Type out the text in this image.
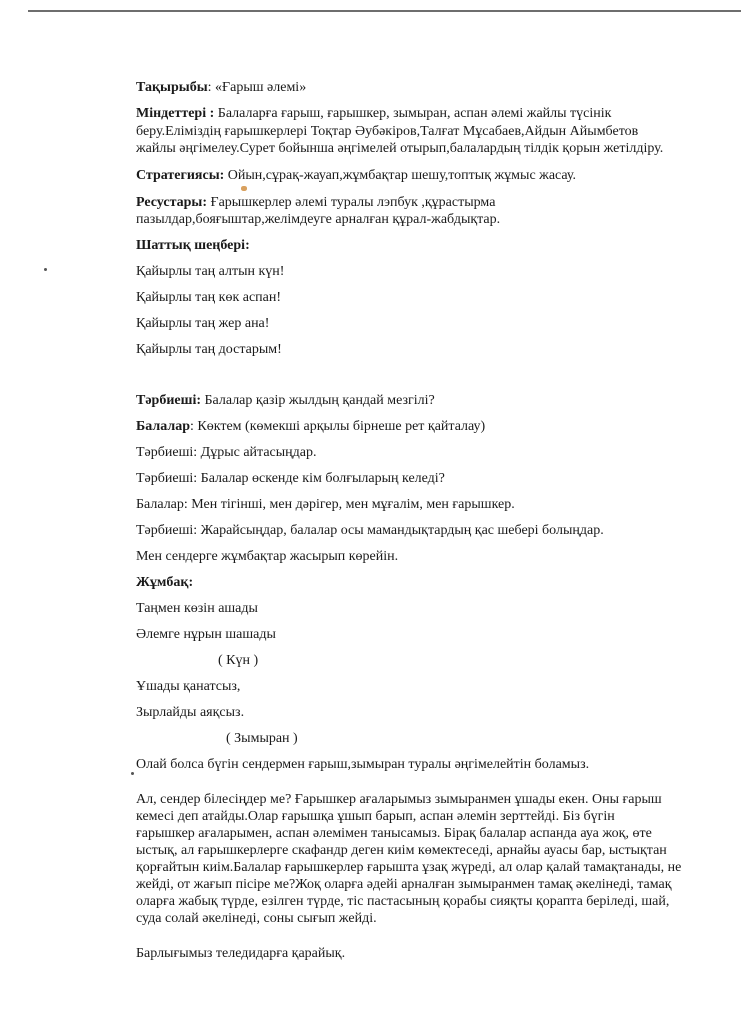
Тақырыбы: «Ғарыш әлемі»
Міндеттері : Балаларға ғарыш, ғарышкер, зымыран, аспан әлемі жайлы түсінік
беру.Еліміздің ғарышкерлері Тоқтар Әубәкіров,Талғат Мұсабаев,Айдын Айымбетов
жайлы әңгімелеу.Сурет бойынша әңгімелей отырып,балалардың тілдік қорын жетілдіру.
Стратегиясы: Ойын,сұрақ-жауап,жұмбақтар шешу,топтық жұмыс жасау.
Ресустары: Ғарышкерлер әлемі туралы лэпбук ,құрастырма
пазылдар,бояғыштар,желімдеуге арналған құрал-жабдықтар.
Шаттық шеңбері:
Қайырлы таң алтын күн!
Қайырлы таң көк аспан!
Қайырлы таң жер ана!
Қайырлы таң достарым!
Тәрбиеші: Балалар қазір жылдың қандай мезгілі?
Балалар: Көктем (көмекші арқылы бірнеше рет қайталау)
Тәрбиеші: Дұрыс айтасыңдар.
Тәрбиеші: Балалар өскенде кім болғыларың келеді?
Балалар: Мен тігінші, мен дәрігер, мен мұғалім, мен ғарышкер.
Тәрбиеші: Жарайсыңдар, балалар осы мамандықтардың қас шебері болыңдар.
Мен сендерге жұмбақтар жасырып көрейін.
Жұмбақ:
Таңмен көзін ашады
Әлемге нұрын шашады
( Күн )
Ұшады қанатсыз,
Зырлайды аяқсыз.
( Зымыран )
Олай болса бүгін сендермен ғарыш,зымыран туралы әңгімелейтін боламыз.
Ал, сендер білесіңдер ме? Ғарышкер ағаларымыз зымыранмен ұшады екен. Оны ғарыш
кемесі деп атайды.Олар ғарышқа ұшып барып, аспан әлемін зерттейді. Біз бүгін
ғарышкер ағаларымен, аспан әлемімен танысамыз. Бірақ балалар аспанда ауа жоқ, өте
ыстық, ал ғарышкерлерге скафандр деген киім көмектеседі, арнайы ауасы бар, ыстықтан
қорғайтын киім.Балалар ғарышкерлер ғарышта ұзақ жүреді, ал олар қалай тамақтанады, не
жейді, от жағып пісіре ме?Жоқ оларға әдейі арналған зымыранмен тамақ әкелінеді, тамақ
оларға жабық түрде, езілген түрде, тіс пастасының қорабы сияқты қорапта беріледі, шай,
суда солай әкелінеді, соны сығып жейді.
Барлығымыз теледидарға қарайық.
